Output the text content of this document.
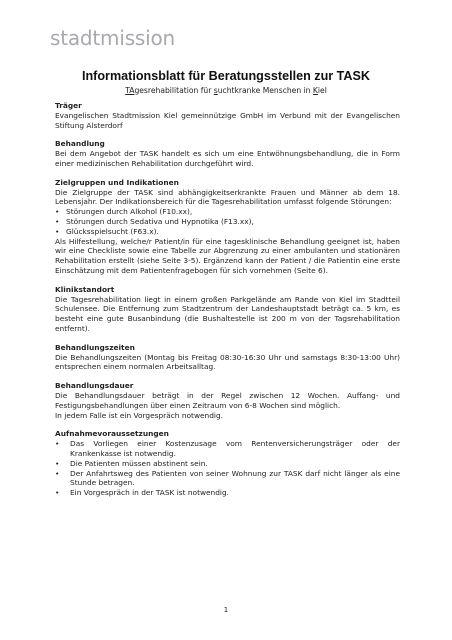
stadtmission
Informationsblatt für Beratungsstellen zur TASK
TAgesrehabilitation für suchtkranke Menschen in Kiel

Träger

Evangelischen Stadtmission Kiel gemeinnützige GmbH im Verbund mit der Evangelischen Stiftung Alsterdorf

Behandlung

Bei dem Angebot der TASK handelt es sich um eine Entwöhnungsbehandlung, die in Form einer medizinischen Rehabilitation durchgeführt wird.

Zielgruppen und Indikationen

Die Zielgruppe der TASK sind abhängigkeitserkrankte Frauen und Männer ab dem 18. Lebensjahr. Der Indikationsbereich für die Tagesrehabilitation umfasst folgende Störungen:

• Störungen durch Alkohol (F10.xx),
• Störungen durch Sedativa und Hypnotika (F13.xx),
• Glücksspielsucht (F63.x).

Als Hilfestellung, welche/r Patient/in für eine tagesklinische Behandlung geeignet ist, haben wir eine Checkliste sowie eine Tabelle zur Abgrenzung zu einer ambulanten und stationären Rehabilitation erstellt (siehe Seite 3-5). Ergänzend kann der Patient / die Patientin eine erste Einschätzung mit dem Patientenfragebogen für sich vornehmen (Seite 6).

Klinikstandort

Die Tagesrehabilitation liegt in einem großen Parkgelände am Rande von Kiel im Stadtteil Schulensee. Die Entfernung zum Stadtzentrum der Landeshauptstadt beträgt ca. 5 km, es besteht eine gute Busanbindung (die Bushaltestelle ist 200 m von der Tagsrehabilitation entfernt).

Behandlungszeiten

Die Behandlungszeiten (Montag bis Freitag 08:30-16:30 Uhr und samstags 8:30-13:00 Uhr) entsprechen einem normalen Arbeitsalltag.

Behandlungsdauer

Die Behandlungsdauer beträgt in der Regel zwischen 12 Wochen. Auffang- und Festigungsbehandlungen über einen Zeitraum von 6-8 Wochen sind möglich.

In jedem Falle ist ein Vorgespräch notwendig.

Aufnahmevoraussetzungen

• Das Vorliegen einer Kostenzusage vom Rentenversicherungsträger oder der Krankenkasse ist notwendig.
• Die Patienten müssen abstinent sein.
• Der Anfahrtsweg des Patienten von seiner Wohnung zur TASK darf nicht länger als eine Stunde betragen.
• Ein Vorgespräch in der TASK ist notwendig.
1
